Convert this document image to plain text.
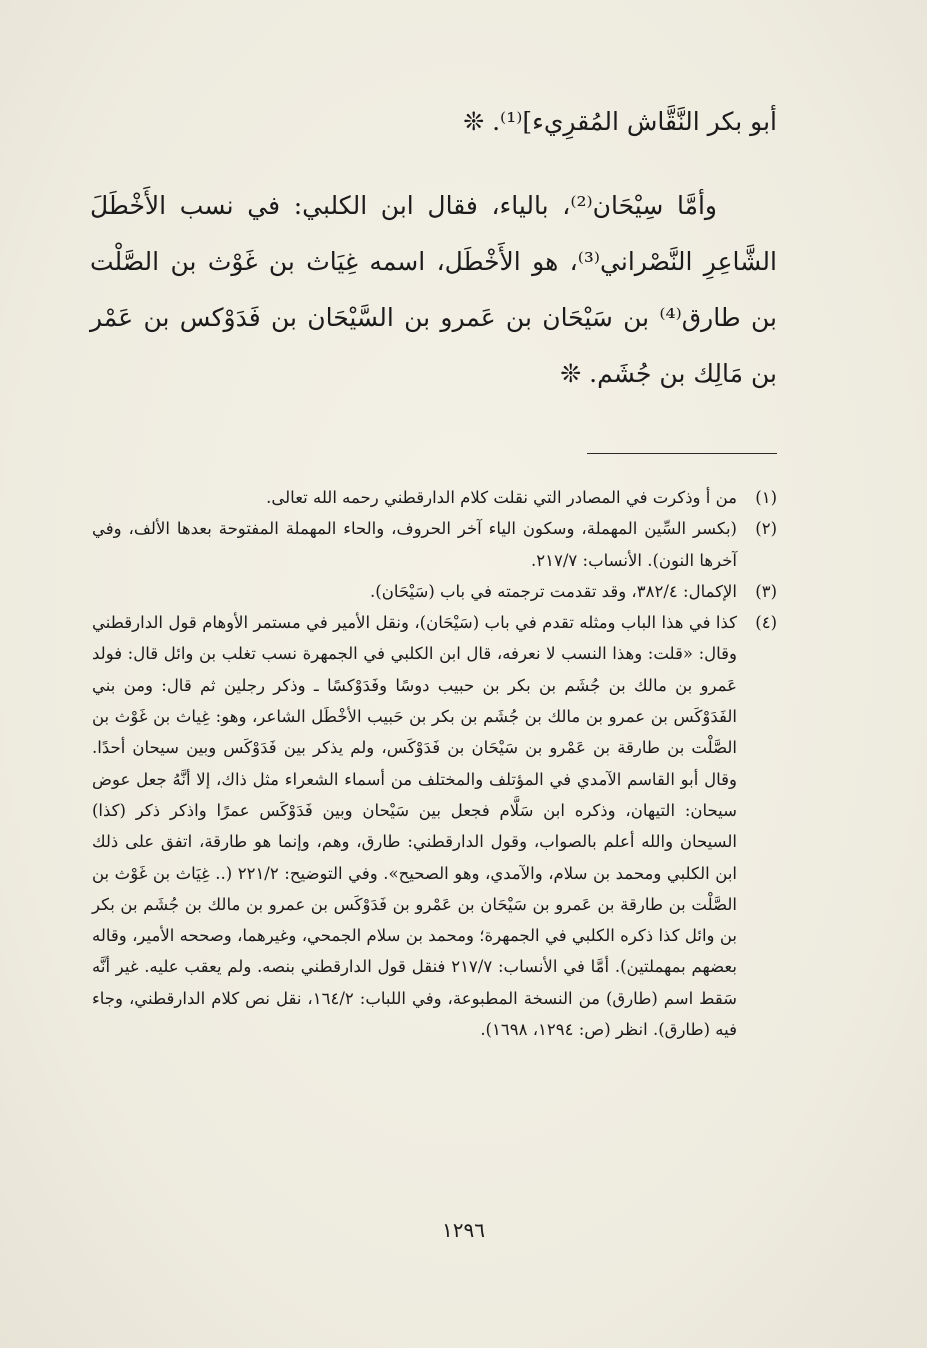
أبو بكر النَّقَّاش المُقرِيء]⁽¹⁾. ❊

وأمَّا سِيْحَان⁽²⁾، بالياء، فقال ابن الكلبي: في نسب الأَخْطَلَ الشَّاعِرِ النَّصْراني⁽³⁾، هو الأَخْطَل، اسمه غِيَاث بن غَوْث بن الصَّلْت بن طارق⁽⁴⁾ بن سَيْحَان بن عَمرو بن السَّيْحَان بن فَدَوْكس بن عَمْر بن مَالِك بن جُشَم. ❊

(١)
من أ وذكرت في المصادر التي نقلت كلام الدارقطني رحمه الله تعالى.
(٢)
(بكسر السِّين المهملة، وسكون الياء آخر الحروف، والحاء المهملة المفتوحة بعدها الألف، وفي آخرها النون). الأنساب: ٢١٧/٧.
(٣)
الإكمال: ٣٨٢/٤، وقد تقدمت ترجمته في باب (سَيْحَان).
(٤)
كذا في هذا الباب ومثله تقدم في باب (سَيْحَان)، ونقل الأمير في مستمر الأوهام قول الدارقطني وقال: «قلت: وهذا النسب لا نعرفه، قال ابن الكلبي في الجمهرة نسب تغلب بن وائل قال: فولد عَمرو بن مالك بن جُشَم بن بكر بن حبيب دوسًا وفَدَوْكسًا ـ وذكر رجلين ثم قال: ومن بني الفَدَوْكَس بن عمرو بن مالك بن جُشَم بن بكر بن حَبيب الأخْطَل الشاعر، وهو: غِياث بن غَوْث بن الصَّلْت بن طارقة بن عَمْرو بن سَيْحَان بن فَدَوْكَس، ولم يذكر بين فَدَوْكَس وبين سيحان أحدًا. وقال أبو القاسم الآمدي في المؤتلف والمختلف من أسماء الشعراء مثل ذاك، إلا أنَّهُ جعل عوض سيحان: التيهان، وذكره ابن سَلَّام فجعل بين سَيْحان وبين فَدَوْكَس عمرًا واذكر ذكر (كذا) السيحان والله أعلم بالصواب، وقول الدارقطني: طارق، وهم، وإنما هو طارقة، اتفق على ذلك ابن الكلبي ومحمد بن سلام، والآمدي، وهو الصحيح». وفي التوضيح: ٢٢١/٢ (.. غِيَاث بن غَوْث بن الصَّلْت بن طارقة بن عَمرو بن سَيْحَان بن عَمْرو بن فَدَوْكَس بن عمرو بن مالك بن جُشَم بن بكر بن وائل كذا ذكره الكلبي في الجمهرة؛ ومحمد بن سلام الجمحي، وغيرهما، وصححه الأمير، وقاله بعضهم بمهملتين). أمَّا في الأنساب: ٢١٧/٧ فنقل قول الدارقطني بنصه. ولم يعقب عليه. غير أنَّه سَقط اسم (طارق) من النسخة المطبوعة، وفي اللباب: ١٦٤/٢، نقل نص كلام الدارقطني، وجاء فيه (طارق). انظر (ص: ١٢٩٤، ١٦٩٨).
١٢٩٦
